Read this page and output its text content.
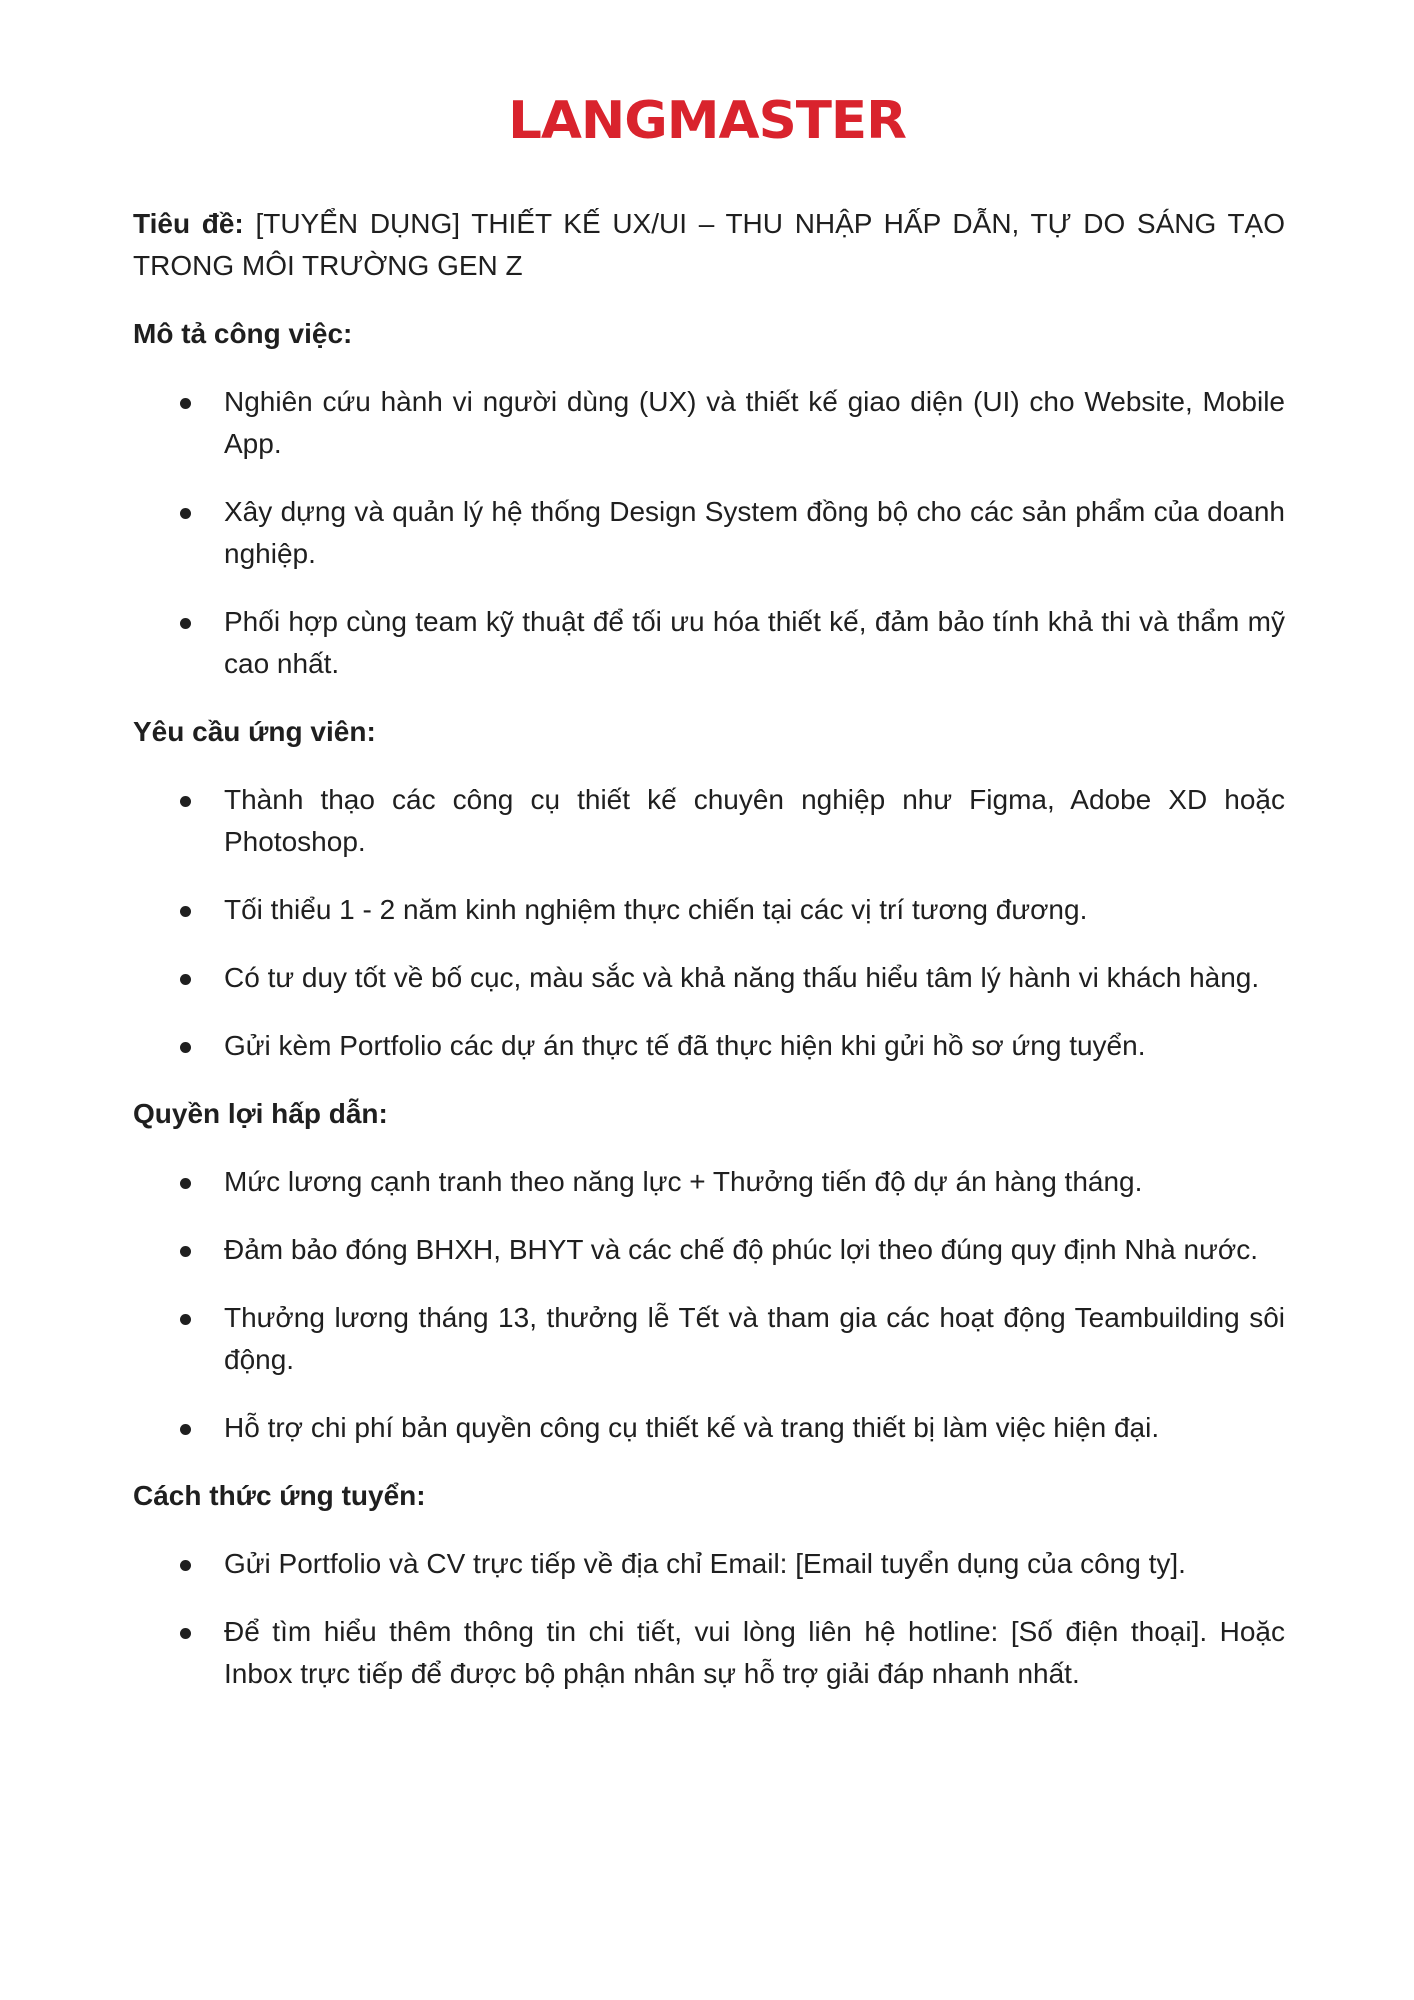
LANGMASTER

Tiêu đề: [TUYỂN DỤNG] THIẾT KẾ UX/UI – THU NHẬP HẤP DẪN, TỰ DO SÁNG TẠO TRONG MÔI TRƯỜNG GEN Z

Mô tả công việc:
Nghiên cứu hành vi người dùng (UX) và thiết kế giao diện (UI) cho Website, Mobile App.
Xây dựng và quản lý hệ thống Design System đồng bộ cho các sản phẩm của doanh nghiệp.
Phối hợp cùng team kỹ thuật để tối ưu hóa thiết kế, đảm bảo tính khả thi và thẩm mỹ cao nhất.
Yêu cầu ứng viên:
Thành thạo các công cụ thiết kế chuyên nghiệp như Figma, Adobe XD hoặc Photoshop.
Tối thiểu 1 - 2 năm kinh nghiệm thực chiến tại các vị trí tương đương.
Có tư duy tốt về bố cục, màu sắc và khả năng thấu hiểu tâm lý hành vi khách hàng.
Gửi kèm Portfolio các dự án thực tế đã thực hiện khi gửi hồ sơ ứng tuyển.
Quyền lợi hấp dẫn:
Mức lương cạnh tranh theo năng lực + Thưởng tiến độ dự án hàng tháng.
Đảm bảo đóng BHXH, BHYT và các chế độ phúc lợi theo đúng quy định Nhà nước.
Thưởng lương tháng 13, thưởng lễ Tết và tham gia các hoạt động Teambuilding sôi động.
Hỗ trợ chi phí bản quyền công cụ thiết kế và trang thiết bị làm việc hiện đại.
Cách thức ứng tuyển:
Gửi Portfolio và CV trực tiếp về địa chỉ Email: [Email tuyển dụng của công ty].
Để tìm hiểu thêm thông tin chi tiết, vui lòng liên hệ hotline: [Số điện thoại]. Hoặc Inbox trực tiếp để được bộ phận nhân sự hỗ trợ giải đáp nhanh nhất.
